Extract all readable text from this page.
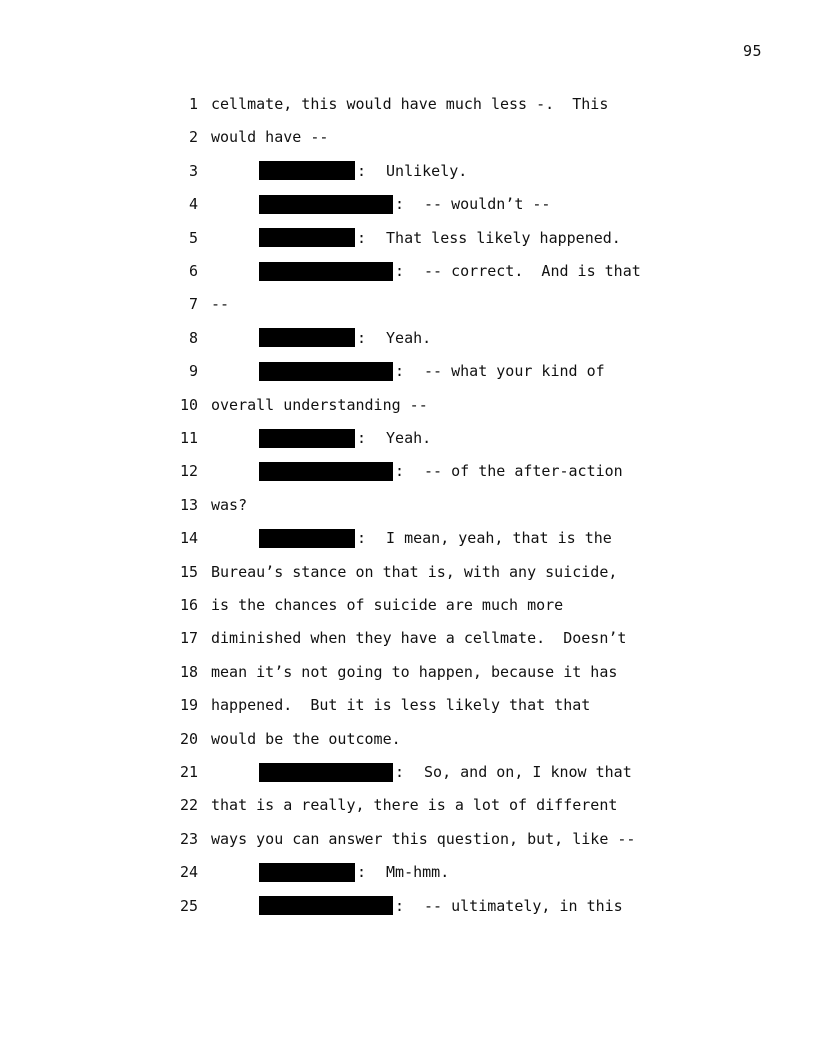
95
1 cellmate, this would have much less -.  This
2 would have --
3	: Unlikely.
4	: -- wouldn’t --
5	: That less likely happened.
6	: -- correct.  And is that
7 --
8	: Yeah.
9	: -- what your kind of
10 overall understanding --
11	: Yeah.
12	: -- of the after-action
13 was?
14	: I mean, yeah, that is the
15 Bureau’s stance on that is, with any suicide,
16 is the chances of suicide are much more
17 diminished when they have a cellmate.  Doesn’t
18 mean it’s not going to happen, because it has
19 happened.  But it is less likely that that
20 would be the outcome.
21	: So, and on, I know that
22 that is a really, there is a lot of different
23 ways you can answer this question, but, like --
24	: Mm-hmm.
25	: -- ultimately, in this
